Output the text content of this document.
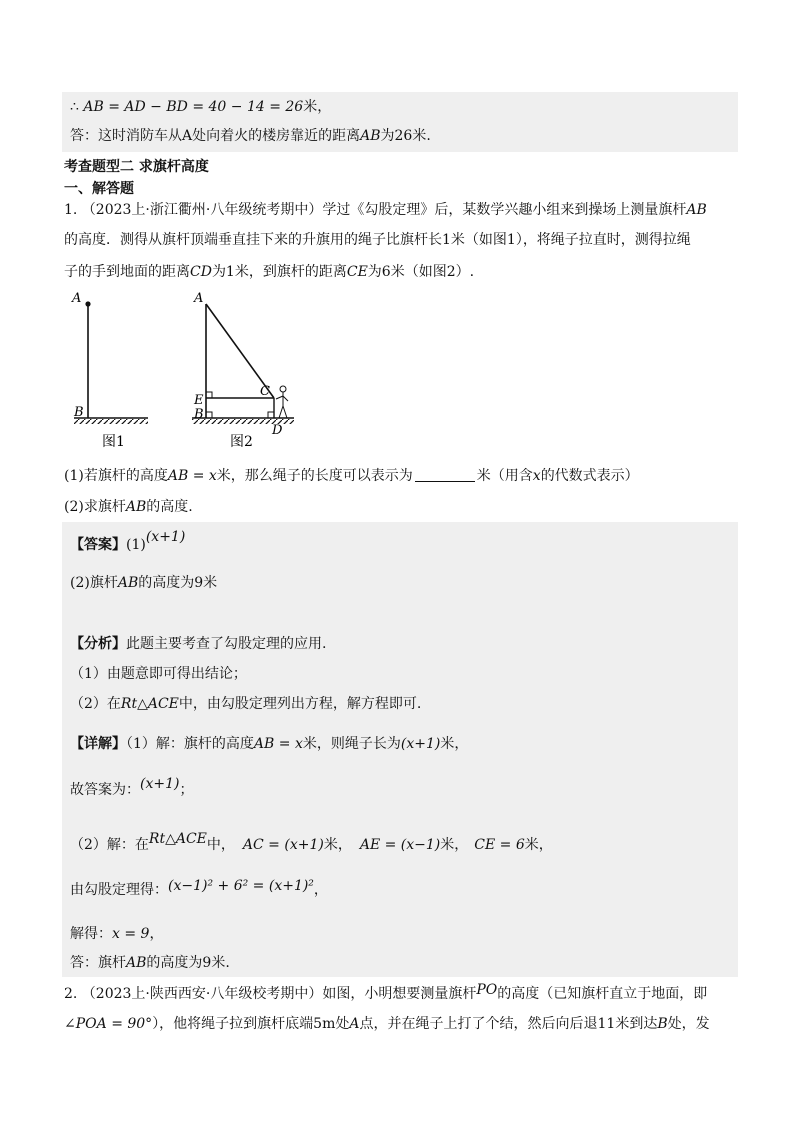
∴ AB = AD − BD = 40 − 14 = 26米，
答：这时消防车从A处向着火的楼房靠近的距离AB为26米.
考查题型二 求旗杆高度
一、解答题
1. （2023上·浙江衢州·八年级统考期中）学过《勾股定理》后，某数学兴趣小组来到操场上测量旗杆AB
的高度．测得从旗杆顶端垂直挂下来的升旗用的绳子比旗杆长1米（如图1），将绳子拉直时，测得拉绳
子的手到地面的距离CD为1米，到旗杆的距离CE为6米（如图2）.
A
B
图1
A
E
B
C
D
图2
(1)若旗杆的高度AB = x米，那么绳子的长度可以表示为	米（用含x的代数式表示）
(2)求旗杆AB的高度.
【答案】(1)(x+1)
(2)旗杆AB的高度为9米
【分析】此题主要考查了勾股定理的应用.
（1）由题意即可得出结论；
（2）在Rt△ACE中，由勾股定理列出方程，解方程即可.
【详解】（1）解：旗杆的高度AB = x米，则绳子长为(x+1)米，
故答案为：(x+1)；
（2）解：在Rt△ACE中， AC = (x+1)米， AE = (x−1)米， CE = 6米，
由勾股定理得：(x−1)² + 6² = (x+1)²，
解得：x = 9，
答：旗杆AB的高度为9米.
2. （2023上·陕西西安·八年级校考期中）如图，小明想要测量旗杆PO的高度（已知旗杆直立于地面，即
∠POA = 90°），他将绳子拉到旗杆底端5m处A点，并在绳子上打了个结，然后向后退11米到达B处，发
